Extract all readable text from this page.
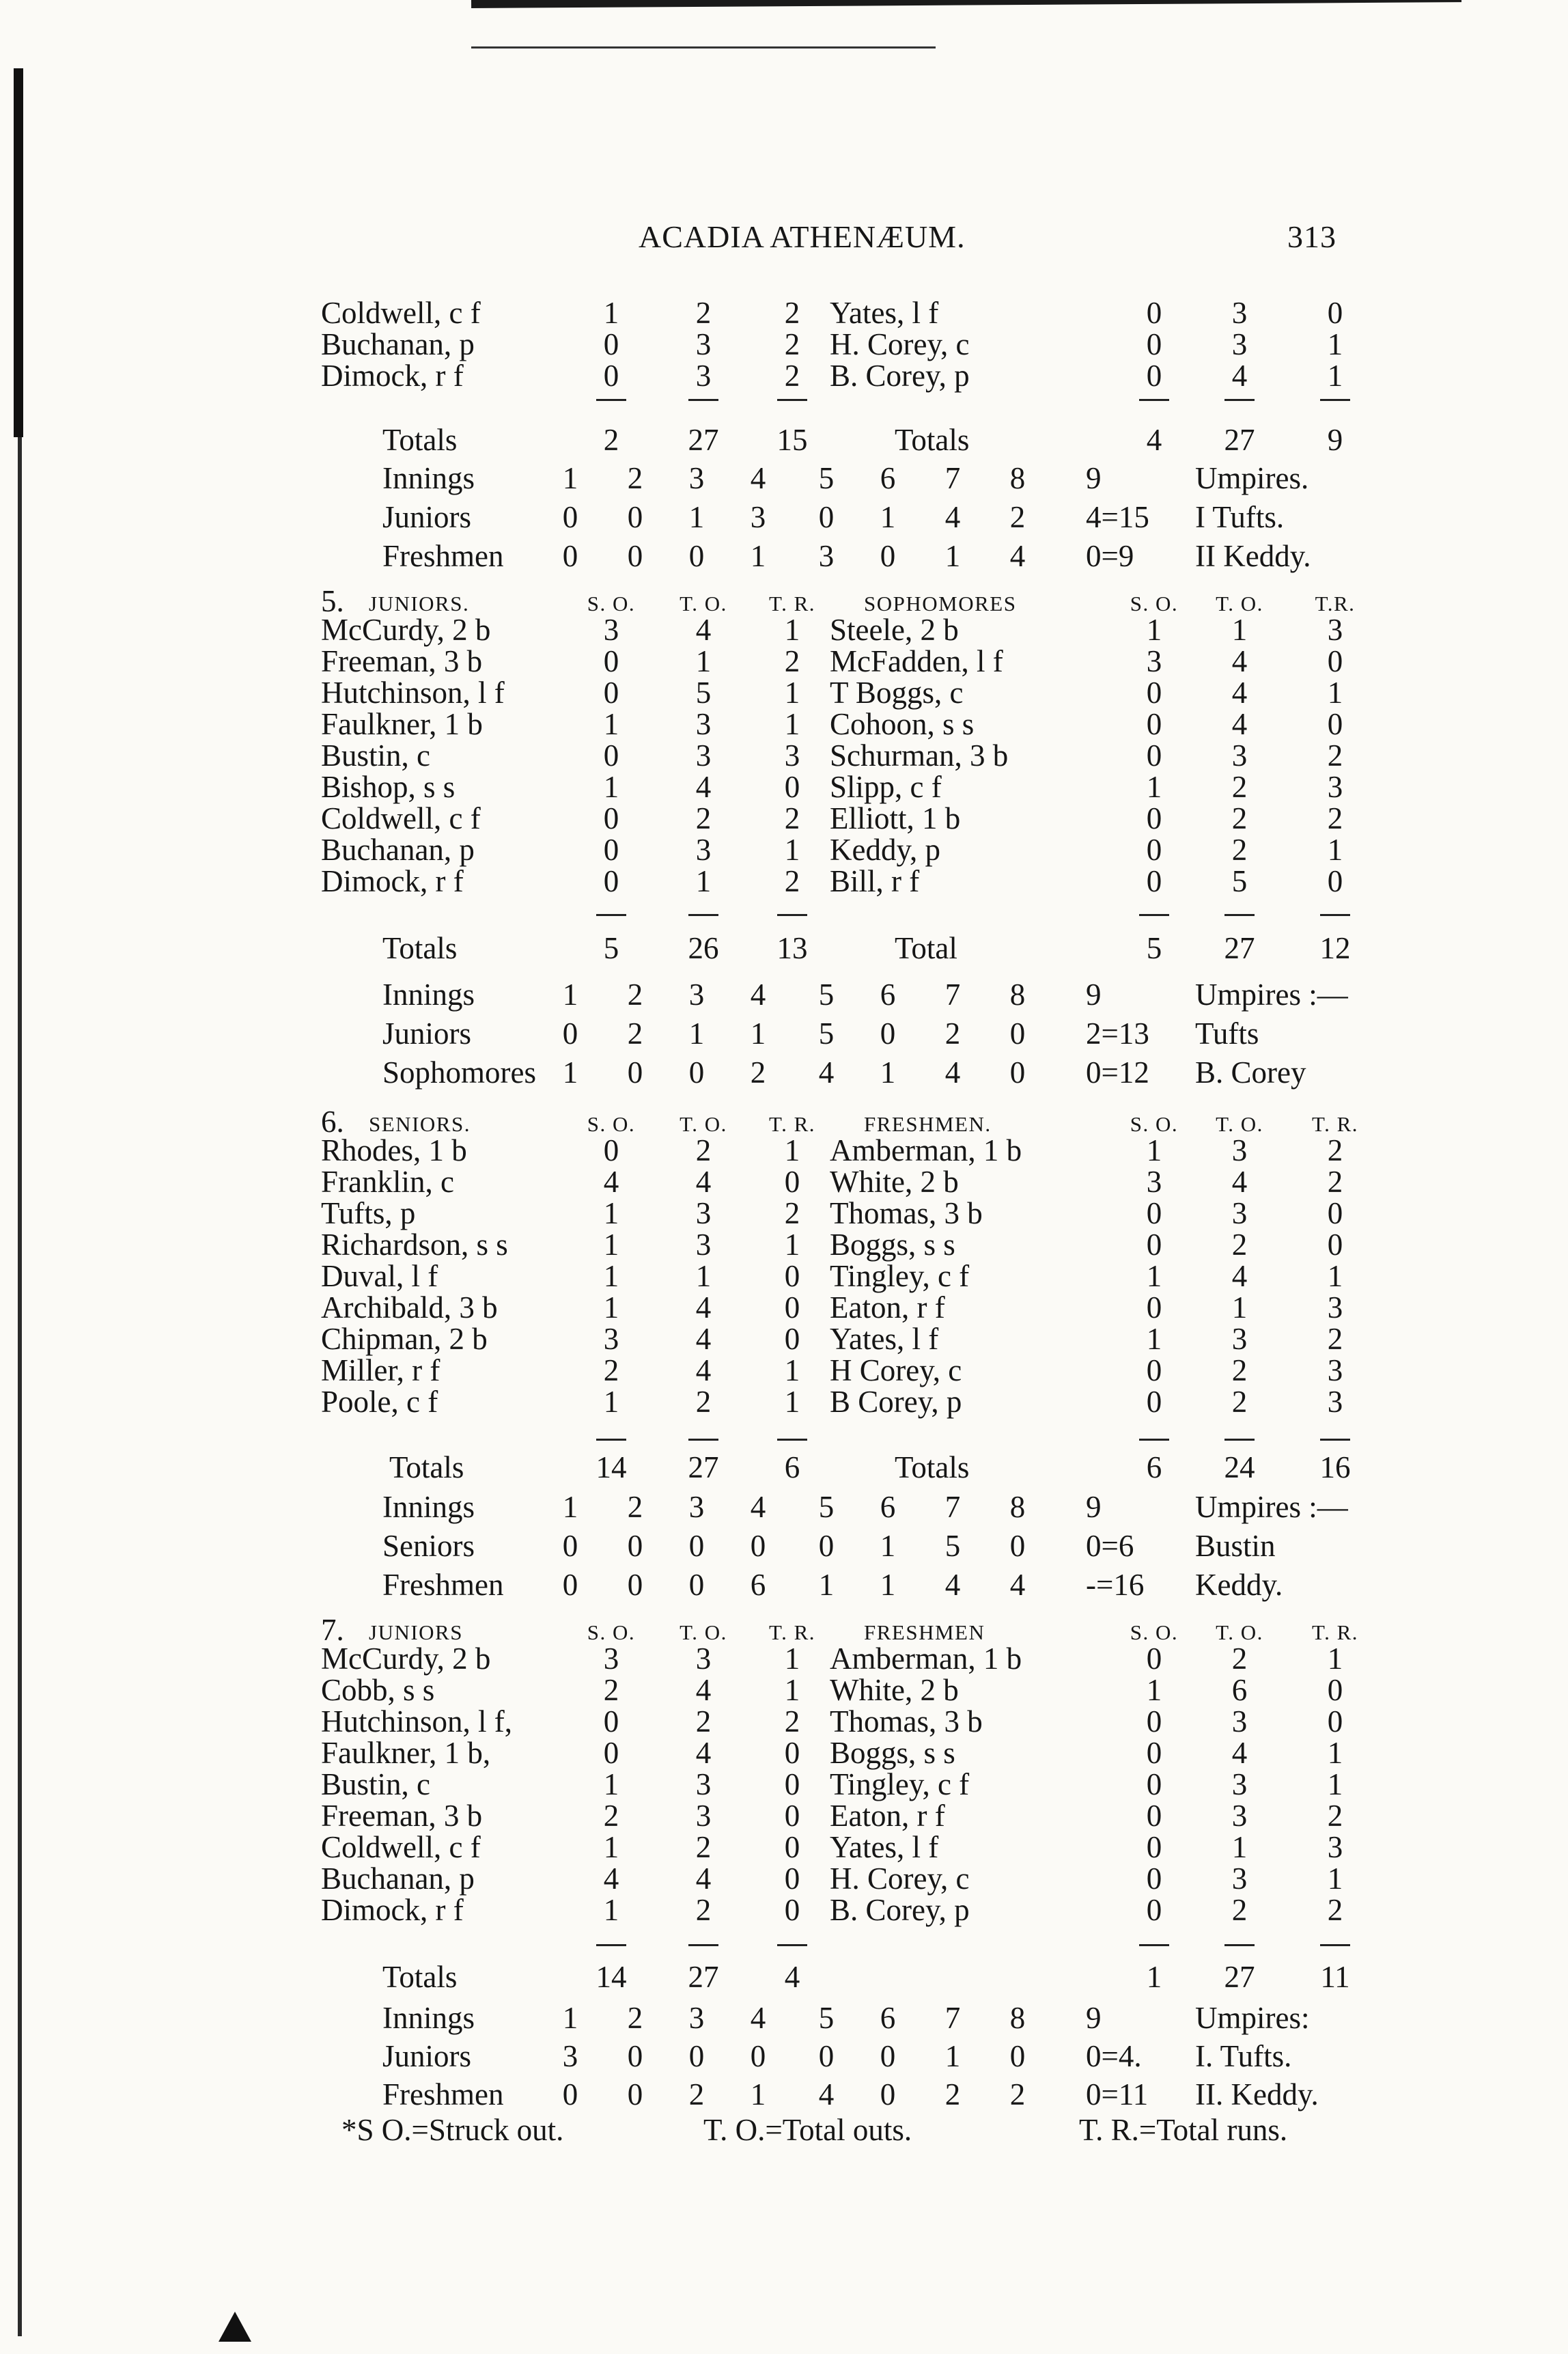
ACADIA ATHENÆUM.	313
Coldwell, c f	1	2	2 Yates, l f	0	3	0
Buchanan, p	0	3	2 H. Corey, c	0	3	1
Dimock, r f	0	3	2 B. Corey, p	0	4	1
Totals	2	27	15	Totals	4	27	9
Innings	1	2	3	4	5	6	7	8	9	Umpires.
Juniors	0	0	1	3	0	1	4	2	4=15 I Tufts.
Freshmen	0	0	0	1	3	0	1	4	0=9 II Keddy.
5. JUNIORS.	S. O. T. O. T. R. SOPHOMORES	S. O. T. O.	T.R.
McCurdy, 2 b	3	4	1 Steele, 2 b	1	1	3
Freeman, 3 b	0	1	2 McFadden, l f	3	4	0
Hutchinson, l f	0	5	1 T Boggs, c	0	4	1
Faulkner, 1 b	1	3	1 Cohoon, s s	0	4	0
Bustin, c	0	3	3 Schurman, 3 b	0	3	2
Bishop, s s	1	4	0 Slipp, c f	1	2	3
Coldwell, c f	0	2	2 Elliott, 1 b	0	2	2
Buchanan, p	0	3	1 Keddy, p	0	2	1
Dimock, r f	0	1	2 Bill, r f	0	5	0
Totals	5	26	13	Total	5	27	12
Innings	1	2	3	4	5	6	7	8	9	Umpires :—
Juniors	0	2	1	1	5	0	2	0	2=13 Tufts
Sophomores 1	0	0	2	4	1	4	0	0=12 B. Corey
6. SENIORS.	S. O. T. O. T. R. FRESHMEN.	S. O. T. O. T. R.
Rhodes, 1 b	0	2	1 Amberman, 1 b	1	3	2
Franklin, c	4	4	0 White, 2 b	3	4	2
Tufts, p	1	3	2 Thomas, 3 b	0	3	0
Richardson, s s	1	3	1 Boggs, s s	0	2	0
Duval, l f	1	1	0 Tingley, c f	1	4	1
Archibald, 3 b	1	4	0 Eaton, r f	0	1	3
Chipman, 2 b	3	4	0 Yates, l f	1	3	2
Miller, r f	2	4	1 H Corey, c	0	2	3
Poole, c f	1	2	1 B Corey, p	0	2	3
Totals	14	27	6	Totals	6	24	16
Innings	1	2	3	4	5	6	7	8	9	Umpires :—
Seniors	0	0	0	0	0	1	5	0	0=6 Bustin
Freshmen	0	0	0	6	1	1	4	4	-=16 Keddy.
7. JUNIORS	S. O. T. O. T. R. FRESHMEN	S. O. T. O. T. R.
McCurdy, 2 b	3	3	1 Amberman, 1 b	0	2	1
Cobb, s s	2	4	1 White, 2 b	1	6	0
Hutchinson, l f,	0	2	2 Thomas, 3 b	0	3	0
Faulkner, 1 b,	0	4	0 Boggs, s s	0	4	1
Bustin, c	1	3	0 Tingley, c f	0	3	1
Freeman, 3 b	2	3	0 Eaton, r f	0	3	2
Coldwell, c f	1	2	0 Yates, l f	0	1	3
Buchanan, p	4	4	0 H. Corey, c	0	3	1
Dimock, r f	1	2	0 B. Corey, p	0	2	2
Totals	14	27	4	1	27	11
Innings	1	2	3	4	5	6	7	8	9	Umpires:
Juniors	3	0	0	0	0	0	1	0	0=4. I. Tufts.
Freshmen	0	0	2	1	4	0	2	2	0=11 II. Keddy.
*S O.=Struck out.	T. O.=Total outs.	T. R.=Total runs.
